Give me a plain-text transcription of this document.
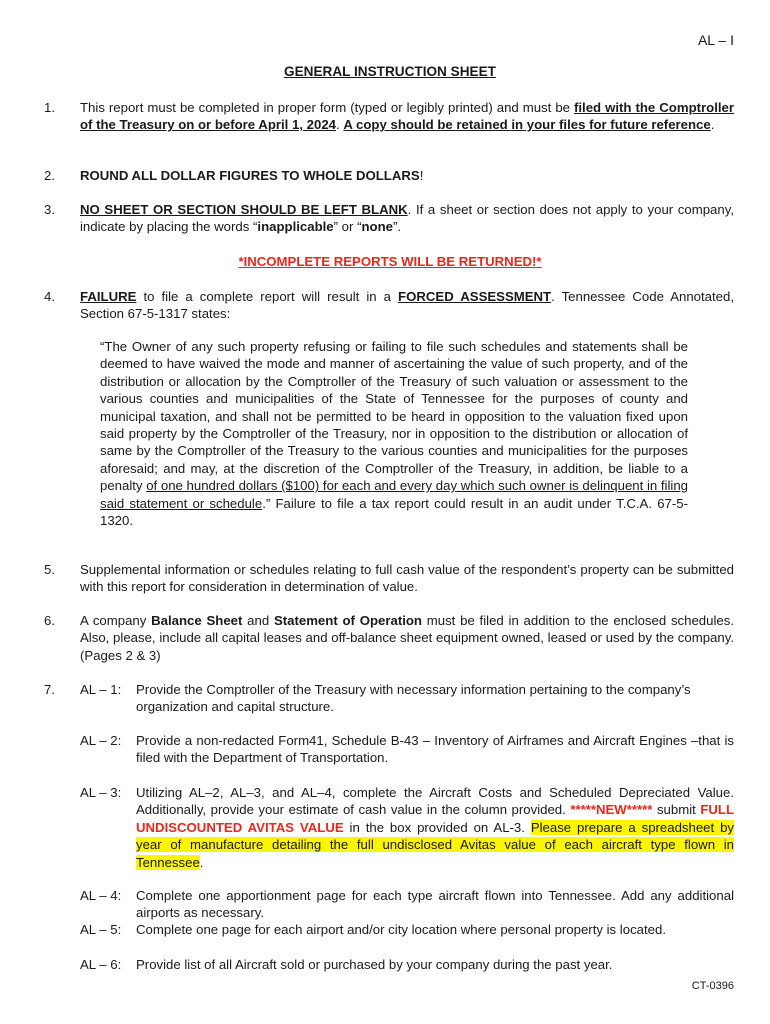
AL – I
GENERAL INSTRUCTION SHEET
1. This report must be completed in proper form (typed or legibly printed) and must be filed with the Comptroller of the Treasury on or before April 1, 2024. A copy should be retained in your files for future reference.
2. ROUND ALL DOLLAR FIGURES TO WHOLE DOLLARS!
3. NO SHEET OR SECTION SHOULD BE LEFT BLANK. If a sheet or section does not apply to your company, indicate by placing the words “inapplicable” or “none”.
*INCOMPLETE REPORTS WILL BE RETURNED!*
4. FAILURE to file a complete report will result in a FORCED ASSESSMENT. Tennessee Code Annotated, Section 67-5-1317 states:
“The Owner of any such property refusing or failing to file such schedules and statements shall be deemed to have waived the mode and manner of ascertaining the value of such property, and of the distribution or allocation by the Comptroller of the Treasury of such valuation or assessment to the various counties and municipalities of the State of Tennessee for the purposes of county and municipal taxation, and shall not be permitted to be heard in opposition to the valuation fixed upon said property by the Comptroller of the Treasury, nor in opposition to the distribution or allocation of same by the Comptroller of the Treasury to the various counties and municipalities for the purposes aforesaid; and may, at the discretion of the Comptroller of the Treasury, in addition, be liable to a penalty of one hundred dollars ($100) for each and every day which such owner is delinquent in filing said statement or schedule.” Failure to file a tax report could result in an audit under T.C.A. 67-5-1320.
5. Supplemental information or schedules relating to full cash value of the respondent’s property can be submitted with this report for consideration in determination of value.
6. A company Balance Sheet and Statement of Operation must be filed in addition to the enclosed schedules. Also, please, include all capital leases and off-balance sheet equipment owned, leased or used by the company. (Pages 2 & 3)
7. AL – 1: Provide the Comptroller of the Treasury with necessary information pertaining to the company’s organization and capital structure.
AL – 2: Provide a non-redacted Form41, Schedule B-43 – Inventory of Airframes and Aircraft Engines –that is filed with the Department of Transportation.
AL – 3: Utilizing AL–2, AL–3, and AL–4, complete the Aircraft Costs and Scheduled Depreciated Value. Additionally, provide your estimate of cash value in the column provided. *****NEW***** submit FULL UNDISCOUNTED AVITAS VALUE in the box provided on AL-3. Please prepare a spreadsheet by year of manufacture detailing the full undisclosed Avitas value of each aircraft type flown in Tennessee.
AL – 4: Complete one apportionment page for each type aircraft flown into Tennessee. Add any additional airports as necessary.
AL – 5: Complete one page for each airport and/or city location where personal property is located.
AL – 6: Provide list of all Aircraft sold or purchased by your company during the past year.
CT-0396
